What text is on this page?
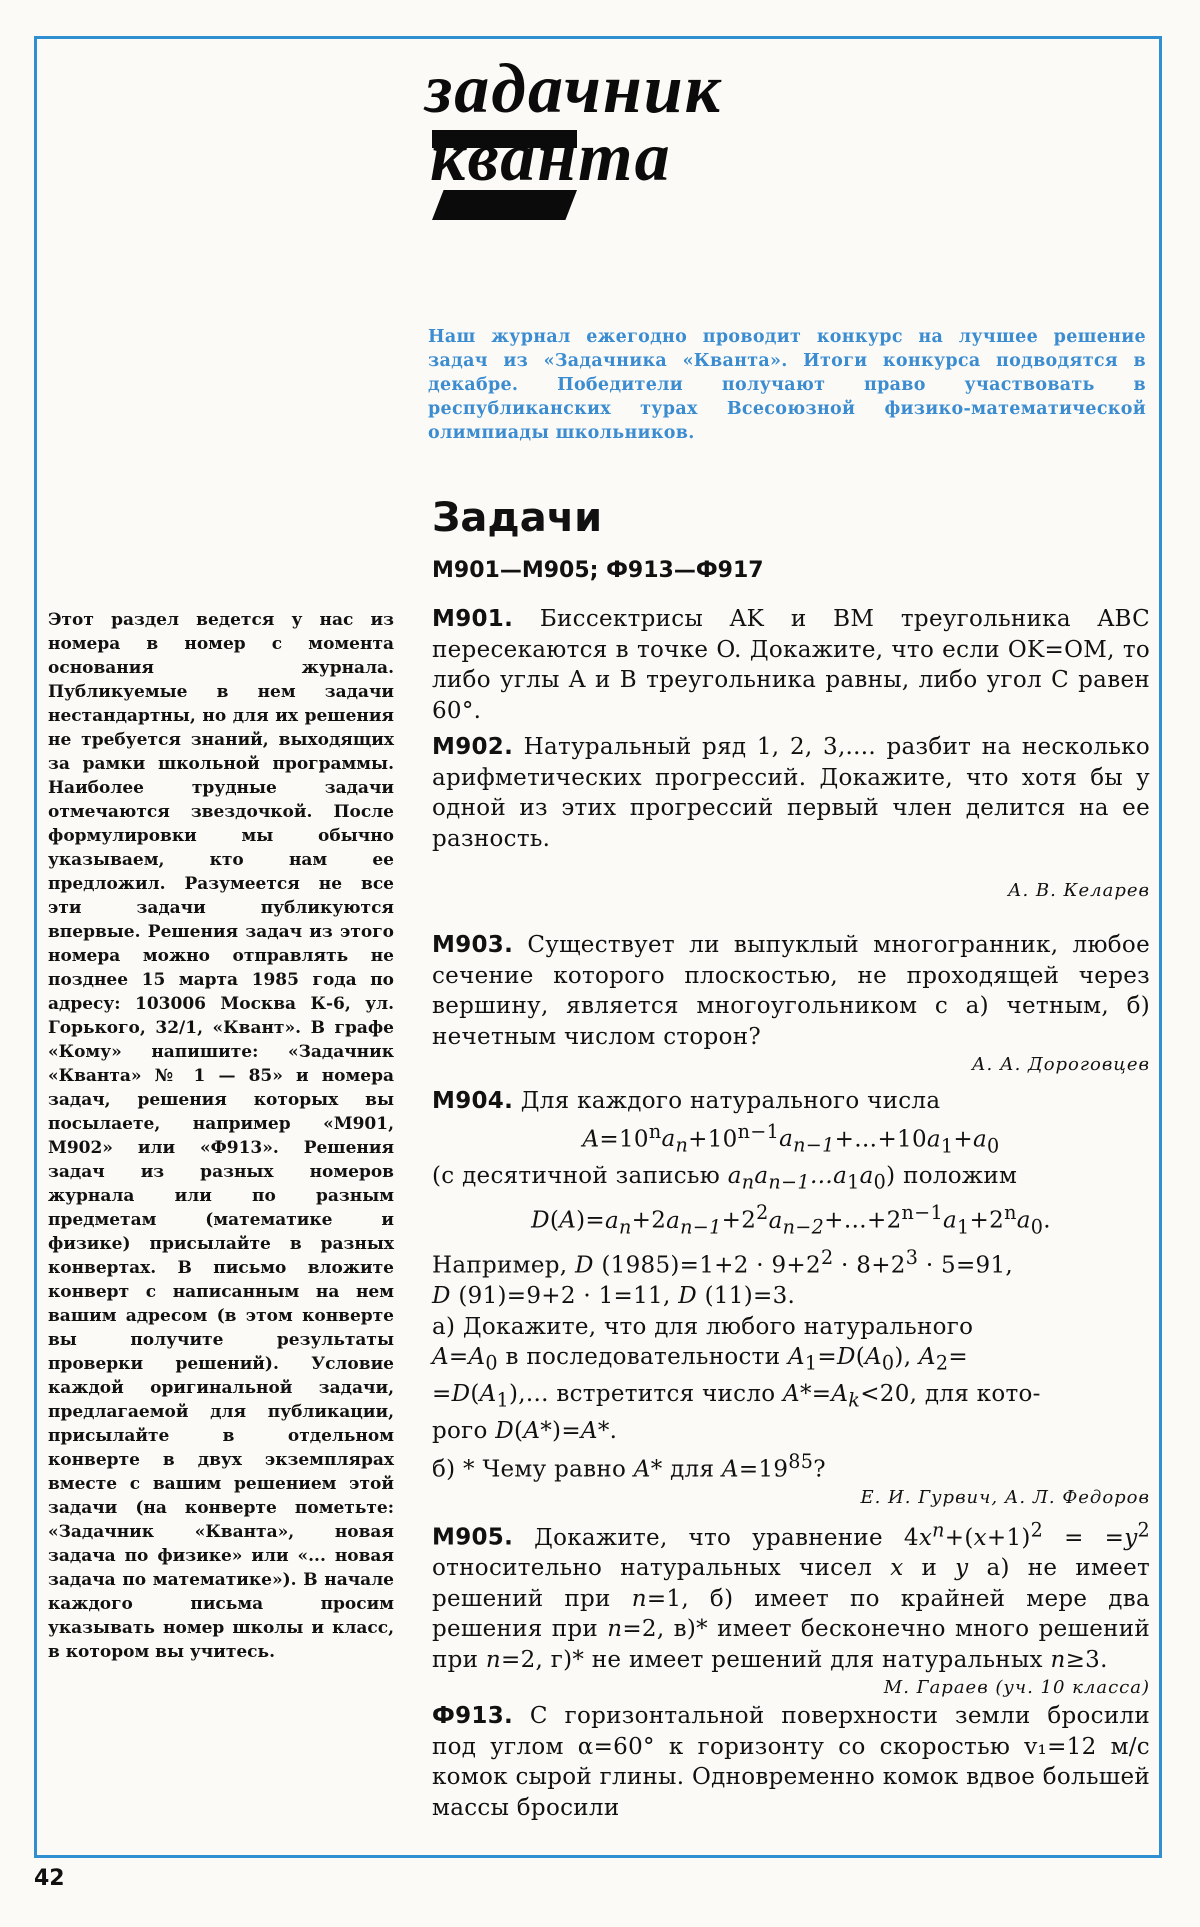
задачник
кванта

Наш журнал ежегодно проводит конкурс на лучшее решение задач из «Задачника «Кванта». Итоги конкурса подводятся в декабре. Победители получают право участвовать в республиканских турах Всесоюзной физико-математической олимпиады школьников.

Задачи
М901—М905; Ф913—Ф917

Этот раздел ведется у нас из номера в номер с момента основания журнала. Публикуемые в нем задачи нестандартны, но для их решения не требуется знаний, выходящих за рамки школьной программы. Наиболее трудные задачи отмечаются звездочкой. После формулировки мы обычно указываем, кто нам ее предложил. Разумеется не все эти задачи публикуются впервые. Решения задач из этого номера можно отправлять не позднее 15 марта 1985 года по адресу: 103006 Москва К-6, ул. Горького, 32/1, «Квант». В графе «Кому» напишите: «Задачник «Кванта» № 1 — 85» и номера задач, решения которых вы посылаете, например «М901, М902» или «Ф913». Решения задач из разных номеров журнала или по разным предметам (математике и физике) присылайте в разных конвертах. В письмо вложите конверт с написанным на нем вашим адресом (в этом конверте вы получите результаты проверки решений). Условие каждой оригинальной задачи, предлагаемой для публикации, присылайте в отдельном конверте в двух экземплярах вместе с вашим решением этой задачи (на конверте пометьте: «Задачник «Кванта», новая задача по физике» или «... новая задача по математике»). В начале каждого письма просим указывать номер школы и класс, в котором вы учитесь.

М901. Биссектрисы AK и BM треугольника ABC пересекаются в точке O. Докажите, что если OK=OM, то либо углы A и B треугольника равны, либо угол C равен 60°.

М902. Натуральный ряд 1, 2, 3,.... разбит на несколько арифметических прогрессий. Докажите, что хотя бы у одной из этих прогрессий первый член делится на ее разность.

А. В. Келарев

М903. Существует ли выпуклый многогранник, любое сечение которого плоскостью, не проходящей через вершину, является многоугольником с а) четным, б) нечетным числом сторон?

А. А. Дороговцев

М904. Для каждого натурального числа
$A=10^na_n+10^{n-1}a_{n-1}+\dots+10a_1+a_0$
(с десятичной записью $a_na_{n-1}\dots a_1a_0$) положим
$D(A)=a_n+2a_{n-1}+2^2a_{n-2}+\dots+2^{n-1}a_1+2^na_0$.
Например, D $(1985)=1+2 \cdot 9+2^2 \cdot 8+2^3 \cdot 5=91$,
D (91)=9+2 · 1=11, D (11)=3.
а) Докажите, что для любого натурального
$A=A_0$ в последовательности $A_1=D(A_0)$, $A_2=$
$=D(A_1)$,... встретится число $A*=A_k<20$, для кото-
рого D(A*)=A*.
б) * Чему равно A* для $A=19^{85}$?

Е. И. Гурвич, А. Л. Федоров

М905. Докажите, что уравнение $4x^n+(x+1)^2 = =y^2$ относительно натуральных чисел x и y а) не имеет решений при n=1, б) имеет по крайней мере два решения при n=2, в)* имеет бесконечно много решений при n=2, г)* не имеет решений для натуральных n≥3.

М. Гараев (уч. 10 класса)

Ф913. С горизонтальной поверхности земли бросили под углом α=60° к горизонту со скоростью v₁=12 м/с комок сырой глины. Одновременно комок вдвое большей массы бросили

42
